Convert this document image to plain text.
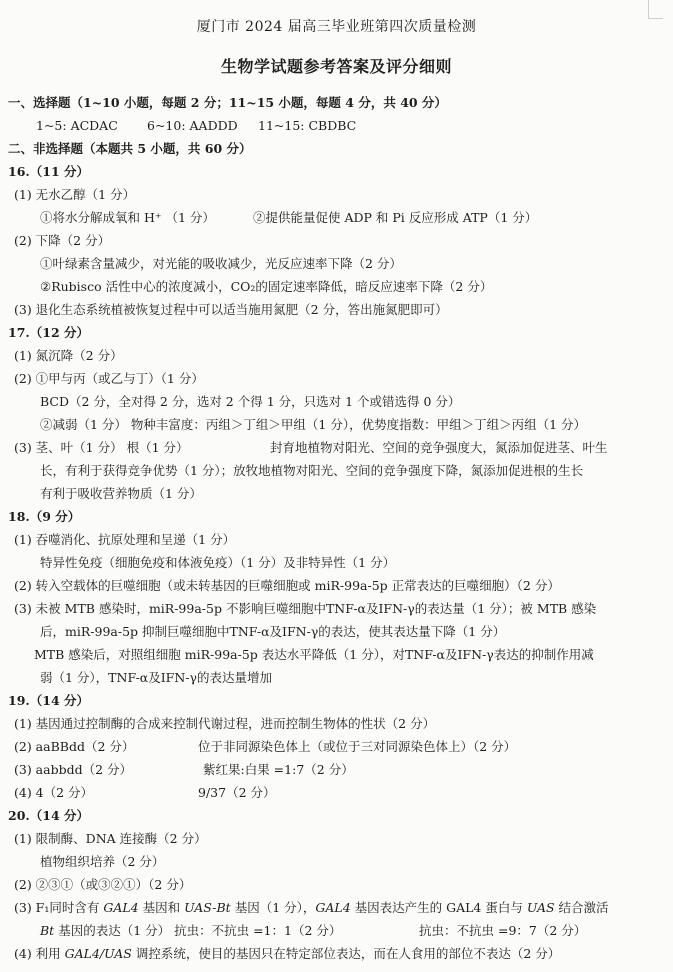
厦门市 2024 届高三毕业班第四次质量检测
生物学试题参考答案及评分细则
一、选择题（1~10 小题，每题 2 分；11~15 小题，每题 4 分，共 40 分）
1~5: ACDAC 6~10: AADDD 11~15: CBDBC
二、非选择题（本题共 5 小题，共 60 分）
16.（11 分）
(1) 无水乙醇（1 分）
①将水分解成氧和 H⁺ （1 分）	②提供能量促使 ADP 和 Pi 反应形成 ATP（1 分）
(2) 下降（2 分）
①叶绿素含量减少，对光能的吸收减少，光反应速率下降（2 分）
②Rubisco 活性中心的浓度减小，CO₂的固定速率降低，暗反应速率下降（2 分）
(3) 退化生态系统植被恢复过程中可以适当施用氮肥（2 分，答出施氮肥即可）
17.（12 分）
(1) 氮沉降（2 分）
(2) ①甲与丙（或乙与丁）（1 分）
BCD（2 分，全对得 2 分，选对 2 个得 1 分，只选对 1 个或错选得 0 分）
②减弱（1 分） 物种丰富度：丙组＞丁组＞甲组（1 分），优势度指数：甲组＞丁组＞丙组（1 分）
(3) 茎、叶（1 分） 根（1 分）	封育地植物对阳光、空间的竞争强度大，氮添加促进茎、叶生
长，有利于获得竞争优势（1 分）；放牧地植物对阳光、空间的竞争强度下降，氮添加促进根的生长
有利于吸收营养物质（1 分）
18.（9 分）
(1) 吞噬消化、抗原处理和呈递（1 分）
特异性免疫（细胞免疫和体液免疫）（1 分）及非特异性（1 分）
(2) 转入空载体的巨噬细胞（或未转基因的巨噬细胞或 miR-99a-5p 正常表达的巨噬细胞）（2 分）
(3) 未被 MTB 感染时，miR-99a-5p 不影响巨噬细胞中TNF-α及IFN-γ的表达量（1 分）；被 MTB 感染
后，miR-99a-5p 抑制巨噬细胞中TNF-α及IFN-γ的表达，使其表达量下降（1 分）
MTB 感染后，对照组细胞 miR-99a-5p 表达水平降低（1 分），对TNF-α及IFN-γ表达的抑制作用减
弱（1 分），TNF-α及IFN-γ的表达量增加
19.（14 分）
(1) 基因通过控制酶的合成来控制代谢过程，进而控制生物体的性状（2 分）
(2) aaBBdd（2 分）	位于非同源染色体上（或位于三对同源染色体上）（2 分）
(3) aabbdd（2 分）	紫红果:白果 =1:7（2 分）
(4) 4（2 分）	9/37（2 分）
20.（14 分）
(1) 限制酶、DNA 连接酶（2 分）
植物组织培养（2 分）
(2) ②③①（或③②①）（2 分）
(3) F₁同时含有 GAL4 基因和 UAS-Bt 基因（1 分），GAL4 基因表达产生的 GAL4 蛋白与 UAS 结合激活
Bt 基因的表达（1 分） 抗虫：不抗虫 =1：1（2 分）	抗虫：不抗虫 =9：7（2 分）
(4) 利用 GAL4/UAS 调控系统，使目的基因只在特定部位表达，而在人食用的部位不表达（2 分）
